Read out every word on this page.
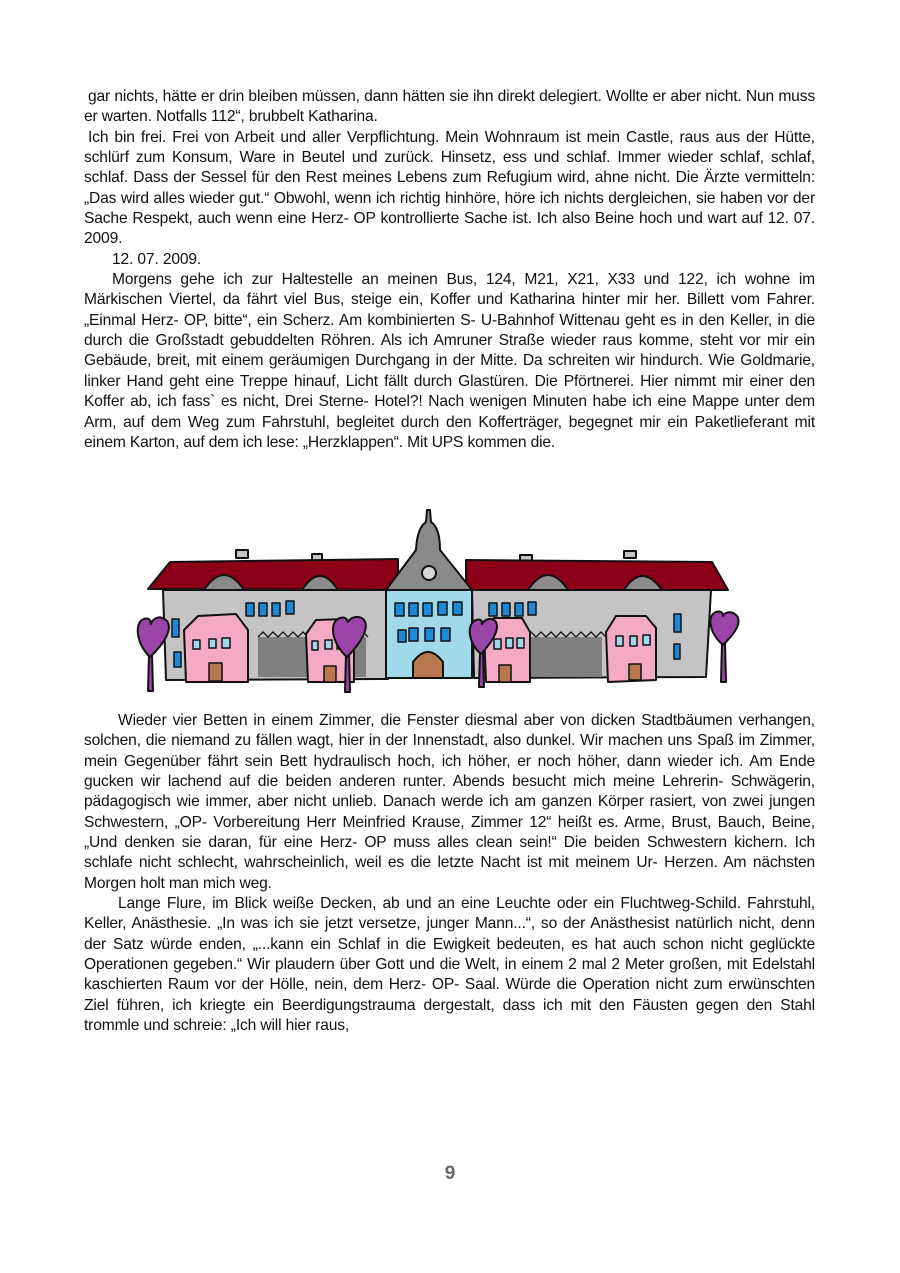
gar nichts, hätte er drin bleiben müssen, dann hätten sie ihn direkt delegiert. Wollte er aber nicht. Nun muss er warten. Notfalls 112“, brubbelt Katharina.

Ich bin frei. Frei von Arbeit und aller Verpflichtung. Mein Wohnraum ist mein Castle, raus aus der Hütte, schlürf zum Konsum, Ware in Beutel und zurück. Hinsetz, ess und schlaf. Immer wieder schlaf, schlaf, schlaf. Dass der Sessel für den Rest meines Lebens zum Refugium wird, ahne nicht. Die Ärzte vermitteln: „Das wird alles wieder gut.“ Obwohl, wenn ich richtig hinhöre, höre ich nichts dergleichen, sie haben vor der Sache Respekt, auch wenn eine Herz- OP kontrollierte Sache ist. Ich also Beine hoch und wart auf 12. 07. 2009.

12. 07. 2009.

Morgens gehe ich zur Haltestelle an meinen Bus, 124, M21, X21, X33 und 122, ich wohne im Märkischen Viertel, da fährt viel Bus, steige ein, Koffer und Katharina hinter mir her. Billett vom Fahrer. „Einmal Herz- OP, bitte“, ein Scherz. Am kombinierten S- U-Bahnhof Wittenau geht es in den Keller, in die durch die Großstadt gebuddelten Röhren. Als ich Amruner Straße wieder raus komme, steht vor mir ein Gebäude, breit, mit einem geräumigen Durchgang in der Mitte. Da schreiten wir hindurch. Wie Goldmarie, linker Hand geht eine Treppe hinauf, Licht fällt durch Glastüren. Die Pförtnerei. Hier nimmt mir einer den Koffer ab, ich fass` es nicht, Drei Sterne- Hotel?! Nach wenigen Minuten habe ich eine Mappe unter dem Arm, auf dem Weg zum Fahrstuhl, begleitet durch den Kofferträger, begegnet mir ein Paketlieferant mit einem Karton, auf dem ich lese: „Herzklappen“. Mit UPS kommen die.

Wieder vier Betten in einem Zimmer, die Fenster diesmal aber von dicken Stadtbäumen verhangen, solchen, die niemand zu fällen wagt, hier in der Innenstadt, also dunkel. Wir machen uns Spaß im Zimmer, mein Gegenüber fährt sein Bett hydraulisch hoch, ich höher, er noch höher, dann wieder ich. Am Ende gucken wir lachend auf die beiden anderen runter. Abends besucht mich meine Lehrerin- Schwägerin, pädagogisch wie immer, aber nicht unlieb. Danach werde ich am ganzen Körper rasiert, von zwei jungen Schwestern, „OP- Vorbereitung Herr Meinfried Krause, Zimmer 12“ heißt es. Arme, Brust, Bauch, Beine, „Und denken sie daran, für eine Herz- OP muss alles clean sein!“ Die beiden Schwestern kichern. Ich schlafe nicht schlecht, wahrscheinlich, weil es die letzte Nacht ist mit meinem Ur- Herzen. Am nächsten Morgen holt man mich weg.

Lange Flure, im Blick weiße Decken, ab und an eine Leuchte oder ein Fluchtweg-Schild. Fahrstuhl, Keller, Anästhesie. „In was ich sie jetzt versetze, junger Mann...“, so der Anästhesist natürlich nicht, denn der Satz würde enden, „...kann ein Schlaf in die Ewigkeit bedeuten, es hat auch schon nicht geglückte Operationen gegeben.“ Wir plaudern über Gott und die Welt, in einem 2 mal 2 Meter großen, mit Edelstahl kaschierten Raum vor der Hölle, nein, dem Herz- OP- Saal. Würde die Operation nicht zum erwünschten Ziel führen, ich kriegte ein Beerdigungstrauma dergestalt, dass ich mit den Fäusten gegen den Stahl trommle und schreie: „Ich will hier raus,

9
